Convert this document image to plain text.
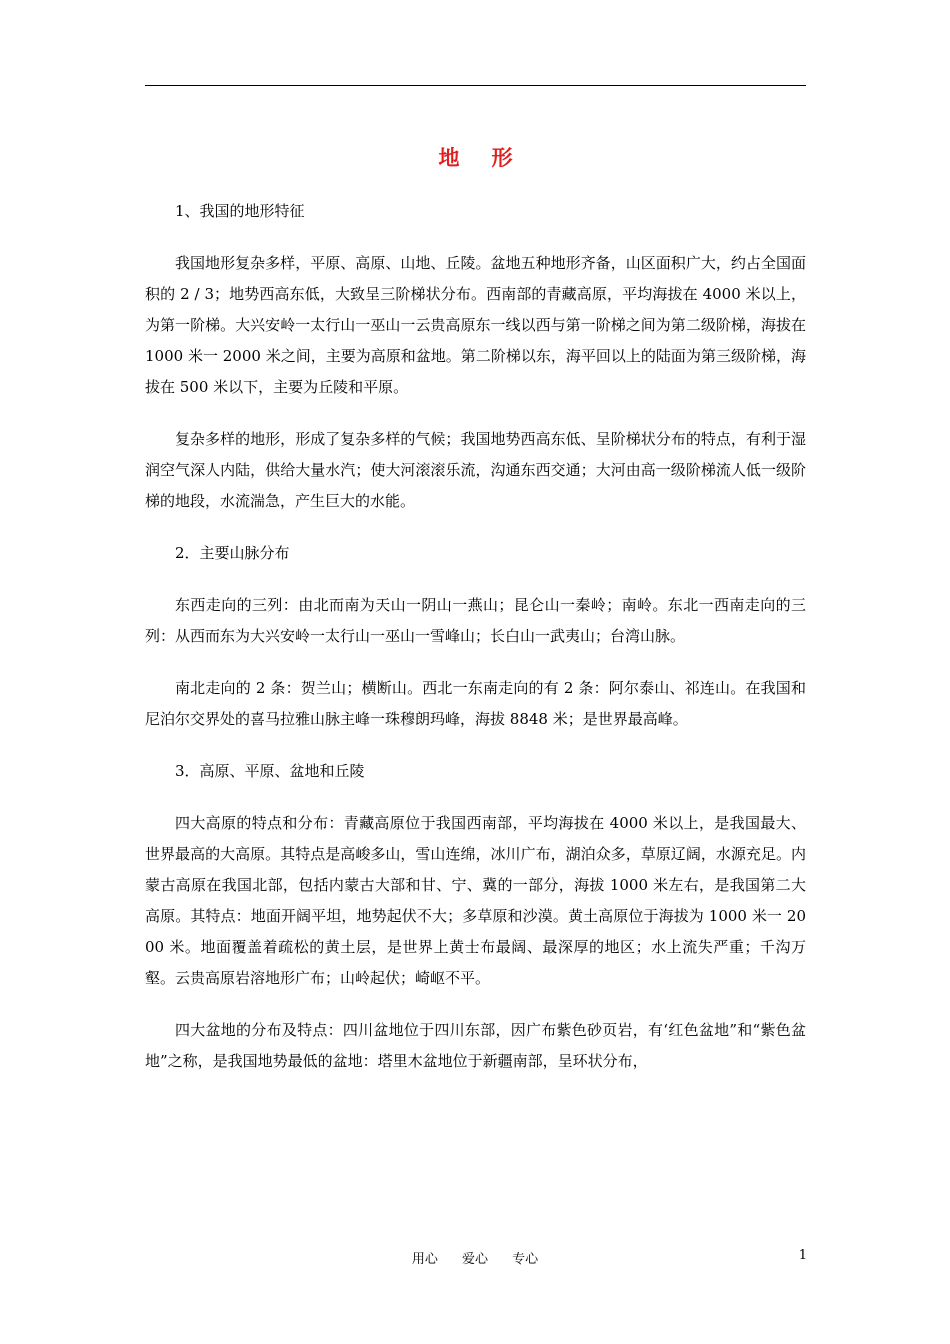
地 形

1、我国的地形特征

我国地形复杂多样，平原、高原、山地、丘陵。盆地五种地形齐备，山区面积广大，约占全国面积的 2 / 3；地势西高东低，大致呈三阶梯状分布。西南部的青藏高原，平均海拔在 4000 米以上，为第一阶梯。大兴安岭一太行山一巫山一云贵高原东一线以西与第一阶梯之间为第二级阶梯，海拔在 1000 米一 2000 米之间，主要为高原和盆地。第二阶梯以东，海平回以上的陆面为第三级阶梯，海拔在 500 米以下，主要为丘陵和平原。

复杂多样的地形，形成了复杂多样的气候；我国地势西高东低、呈阶梯状分布的特点，有利于湿润空气深人内陆，供给大量水汽；使大河滚滚乐流，沟通东西交通；大河由高一级阶梯流人低一级阶梯的地段，水流湍急，产生巨大的水能。

2．主要山脉分布

东西走向的三列：由北而南为天山一阴山一燕山；昆仑山一秦岭；南岭。东北一西南走向的三列：从西而东为大兴安岭一太行山一巫山一雪峰山；长白山一武夷山；台湾山脉。

南北走向的 2 条：贺兰山；横断山。西北一东南走向的有 2 条：阿尔泰山、祁连山。在我国和尼泊尔交界处的喜马拉雅山脉主峰一珠穆朗玛峰，海拔 8848 米；是世界最高峰。

3．高原、平原、盆地和丘陵

四大高原的特点和分布：青藏高原位于我国西南部，平均海拔在 4000 米以上，是我国最大、世界最高的大高原。其特点是高峻多山，雪山连绵，冰川广布，湖泊众多，草原辽阔，水源充足。内蒙古高原在我国北部，包括内蒙古大部和甘、宁、冀的一部分，海拔 1000 米左右，是我国第二大高原。其特点：地面开阔平坦，地势起伏不大；多草原和沙漠。黄土高原位于海拔为 1000 米一 2000 米。地面覆盖着疏松的黄土层，是世界上黄士布最阔、最深厚的地区；水上流失严重；千沟万壑。云贵高原岩溶地形广布；山岭起伏；崎岖不平。

四大盆地的分布及特点：四川盆地位于四川东部，因广布紫色砂页岩，有‘红色盆地”和“紫色盆地”之称，是我国地势最低的盆地：塔里木盆地位于新疆南部，呈环状分布，

用心 爱心 专心	1
